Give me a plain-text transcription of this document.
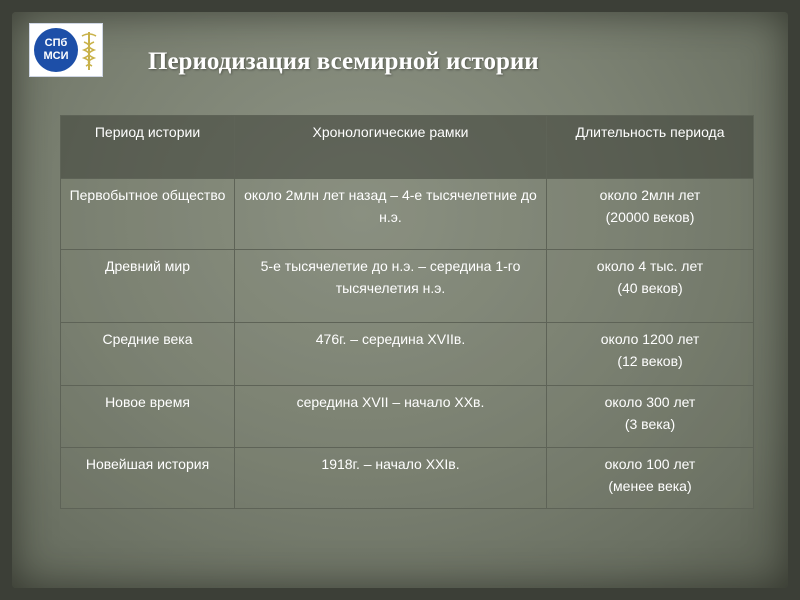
СПб
МСИ	Периодизация всемирной истории
Период истории	Хронологические рамки	Длительность периода
Первобытное общество	около 2млн лет назад – 4-е тысячелетние до н.э.	около 2млн лет
(20000 веков)

Древний мир	5-е тысячелетие до н.э. – середина 1-го тысячелетия н.э.	около 4 тыс. лет
(40 веков)

Средние века	476г. – середина XVIIв.	около 1200 лет
(12 веков)

Новое время	середина XVII – начало XXв.	около 300 лет
(3 века)

Новейшая история	1918г. – начало XXIв.	около 100 лет
(менее века)
